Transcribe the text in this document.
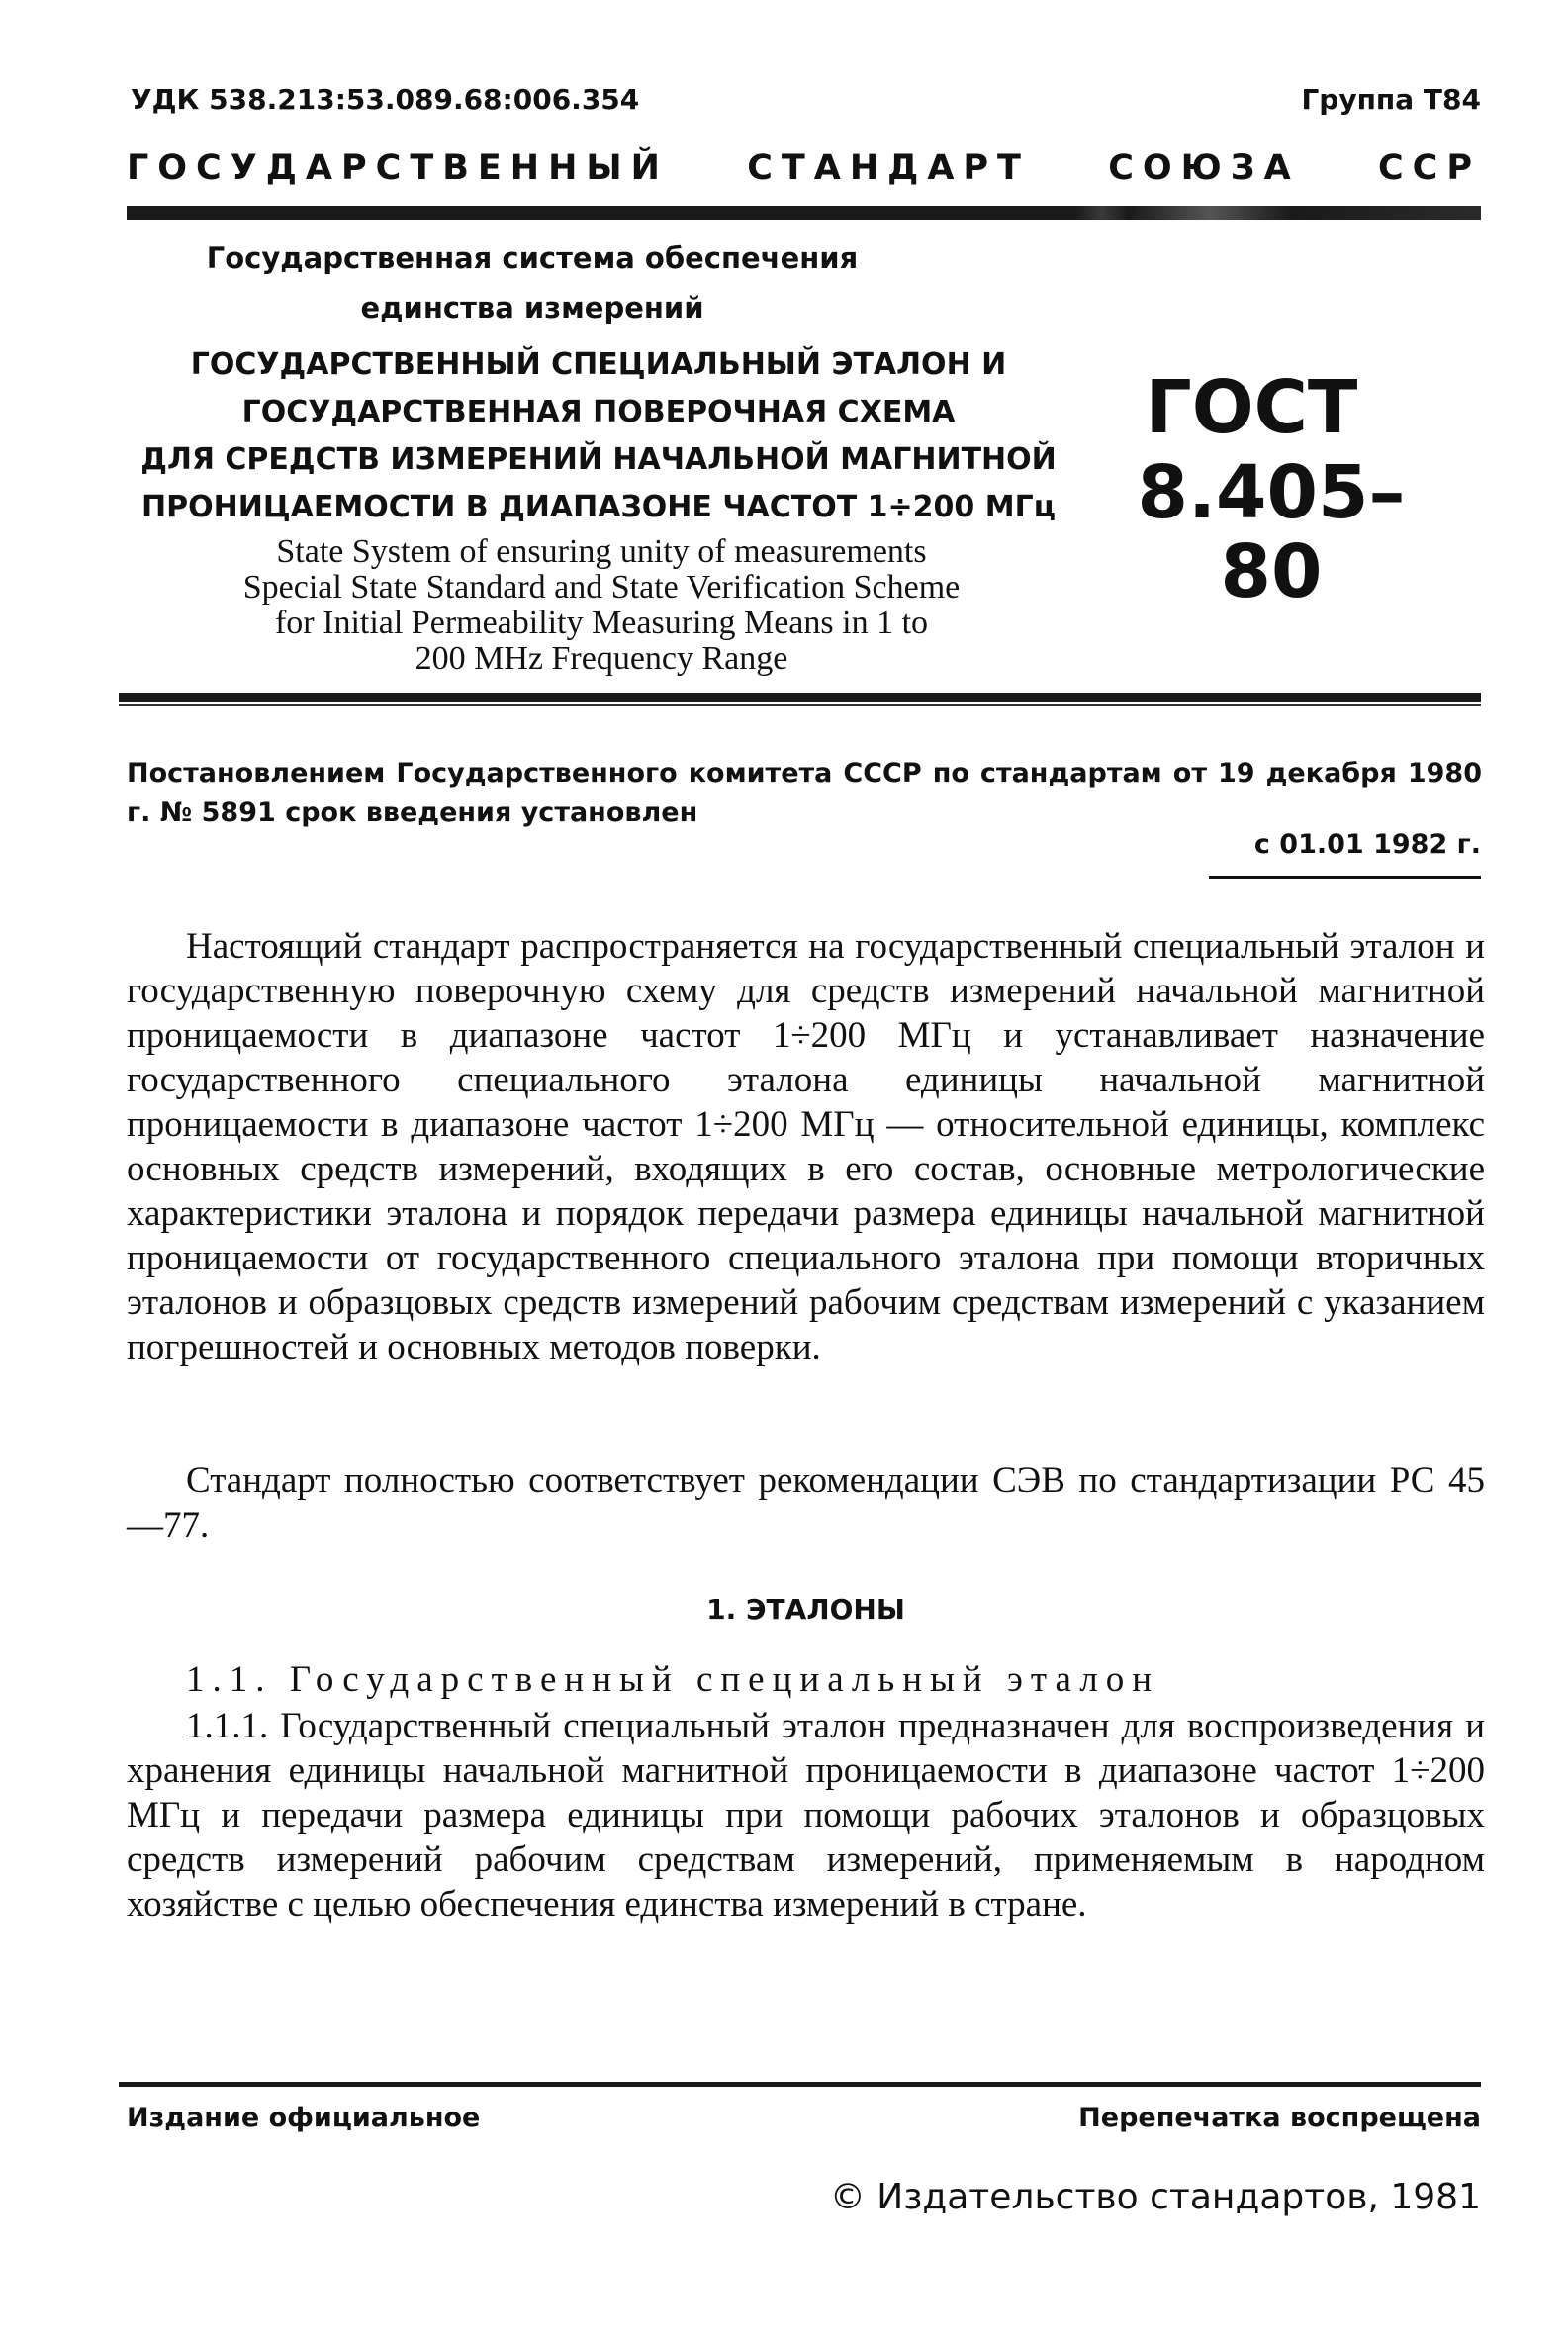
УДК 538.213:53.089.68:006.354	Группа Т84
ГОСУДАРСТВЕННЫЙ СТАНДАРТ СОЮЗА ССР
Государственная система обеспечения
единства измерений
ГОСУДАРСТВЕННЫЙ СПЕЦИАЛЬНЫЙ ЭТАЛОН И
ГОСУДАРСТВЕННАЯ ПОВЕРОЧНАЯ СХЕМА
ДЛЯ СРЕДСТВ ИЗМЕРЕНИЙ НАЧАЛЬНОЙ МАГНИТНОЙ
ПРОНИЦАЕМОСТИ В ДИАПАЗОНЕ ЧАСТОТ 1÷200 МГц
State System of ensuring unity of measurements
Special State Standard and State Verification Scheme
for Initial Permeability Measuring Means in 1 to
200 MHz Frequency Range
ГОСТ
8.405–80
Постановлением Государственного комитета СССР по стандартам от 19 декабря 1980 г. № 5891 срок введения установлен
с 01.01 1982 г.
Настоящий стандарт распространяется на государственный специальный эталон и государственную поверочную схему для средств измерений начальной магнитной проницаемости в диапазоне частот 1÷200 МГц и устанавливает назначение государственного специального эталона единицы начальной магнитной проницаемости в диапазоне частот 1÷200 МГц — относительной единицы, комплекс основных средств измерений, входящих в его состав, основные метрологические характеристики эталона и порядок передачи размера единицы начальной магнитной проницаемости от государственного специального эталона при помощи вторичных эталонов и образцовых средств измерений рабочим средствам измерений с указанием погрешностей и основных методов поверки.
Стандарт полностью соответствует рекомендации СЭВ по стандартизации РС 45—77.
1. ЭТАЛОНЫ
1.1. Государственный специальный эталон
1.1.1. Государственный специальный эталон предназначен для воспроизведения и хранения единицы начальной магнитной проницаемости в диапазоне частот 1÷200 МГц и передачи размера единицы при помощи рабочих эталонов и образцовых средств измерений рабочим средствам измерений, применяемым в народном хозяйстве с целью обеспечения единства измерений в стране.
Издание официальное	Перепечатка воспрещена
© Издательство стандартов, 1981
